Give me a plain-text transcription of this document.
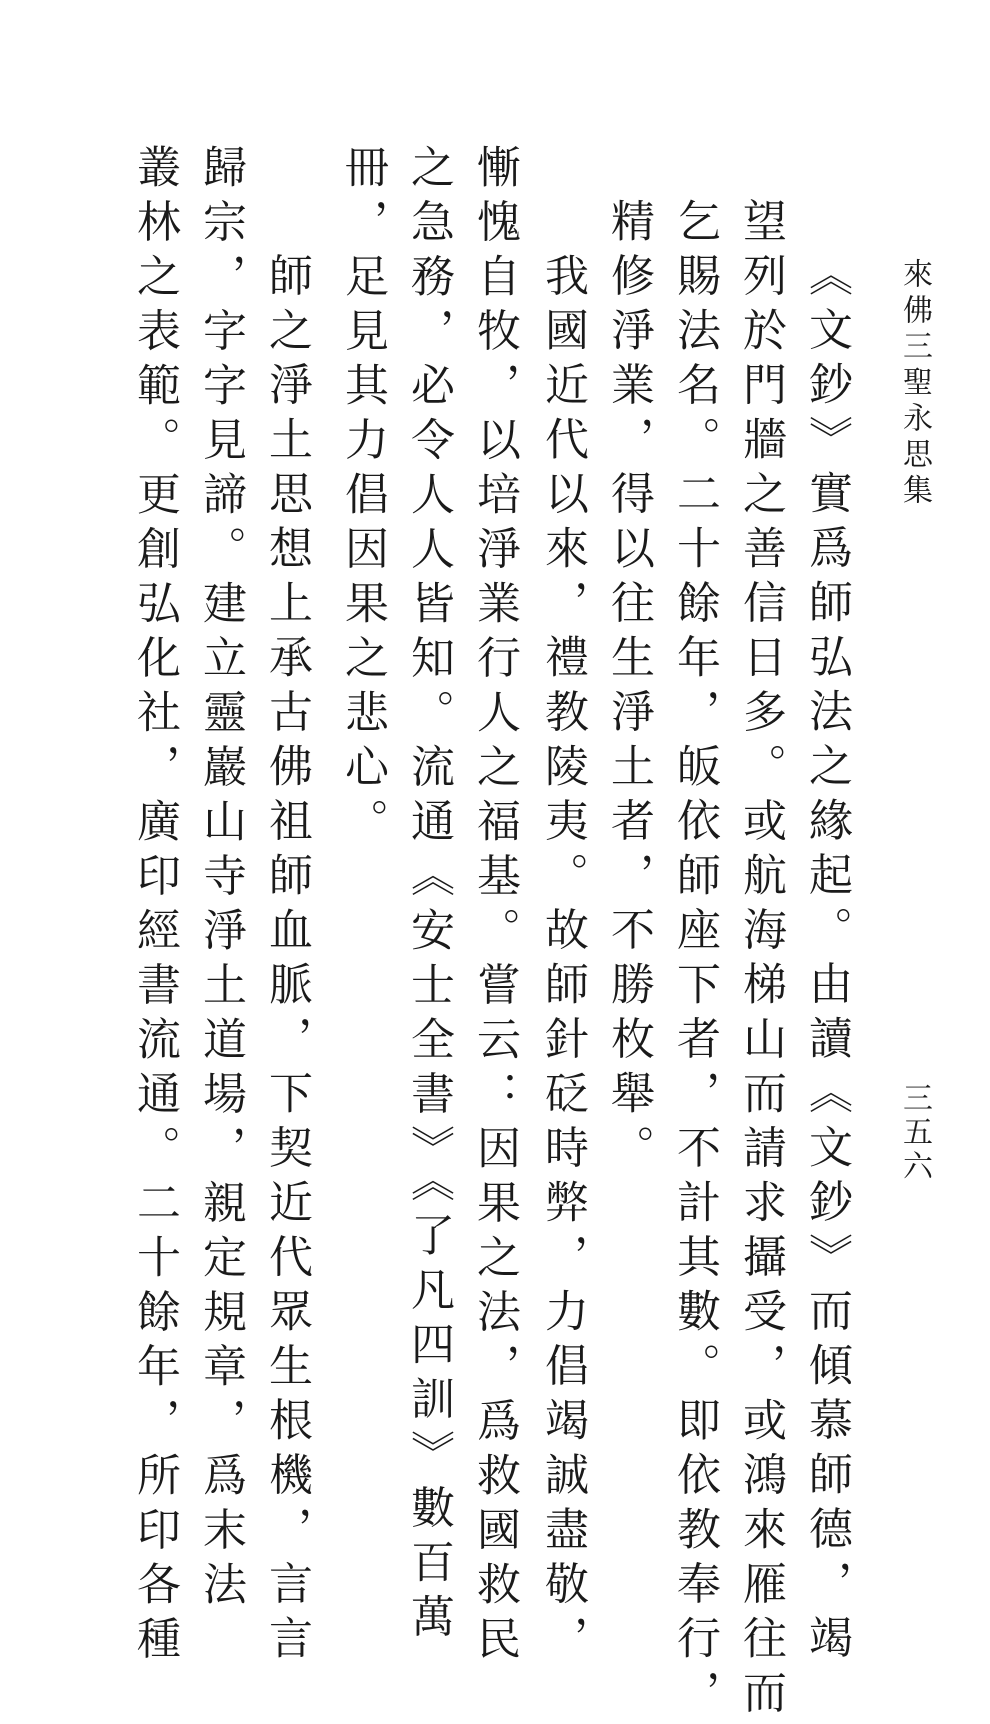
來佛三聖永思集
三五六
《文鈔》實爲師弘法之緣起。由讀《文鈔》而傾慕師德，竭
望列於門牆之善信日多。或航海梯山而請求攝受，或鴻來雁往而
乞賜法名。二十餘年，皈依師座下者，不計其數。即依教奉行，
精修淨業，得以往生淨土者，不勝枚舉。
　我國近代以來，禮教陵夷。故師針砭時弊，力倡竭誠盡敬，
慚愧自牧，以培淨業行人之福基。嘗云：因果之法，爲救國救民
之急務，必令人人皆知。流通《安士全書》《了凡四訓》數百萬
冊，足見其力倡因果之悲心。
　師之淨土思想上承古佛祖師血脈，下契近代眾生根機，言言
歸宗，字字見諦。建立靈巖山寺淨土道場，親定規章，爲末法
叢林之表範。更創弘化社，廣印經書流通。二十餘年，所印各種
